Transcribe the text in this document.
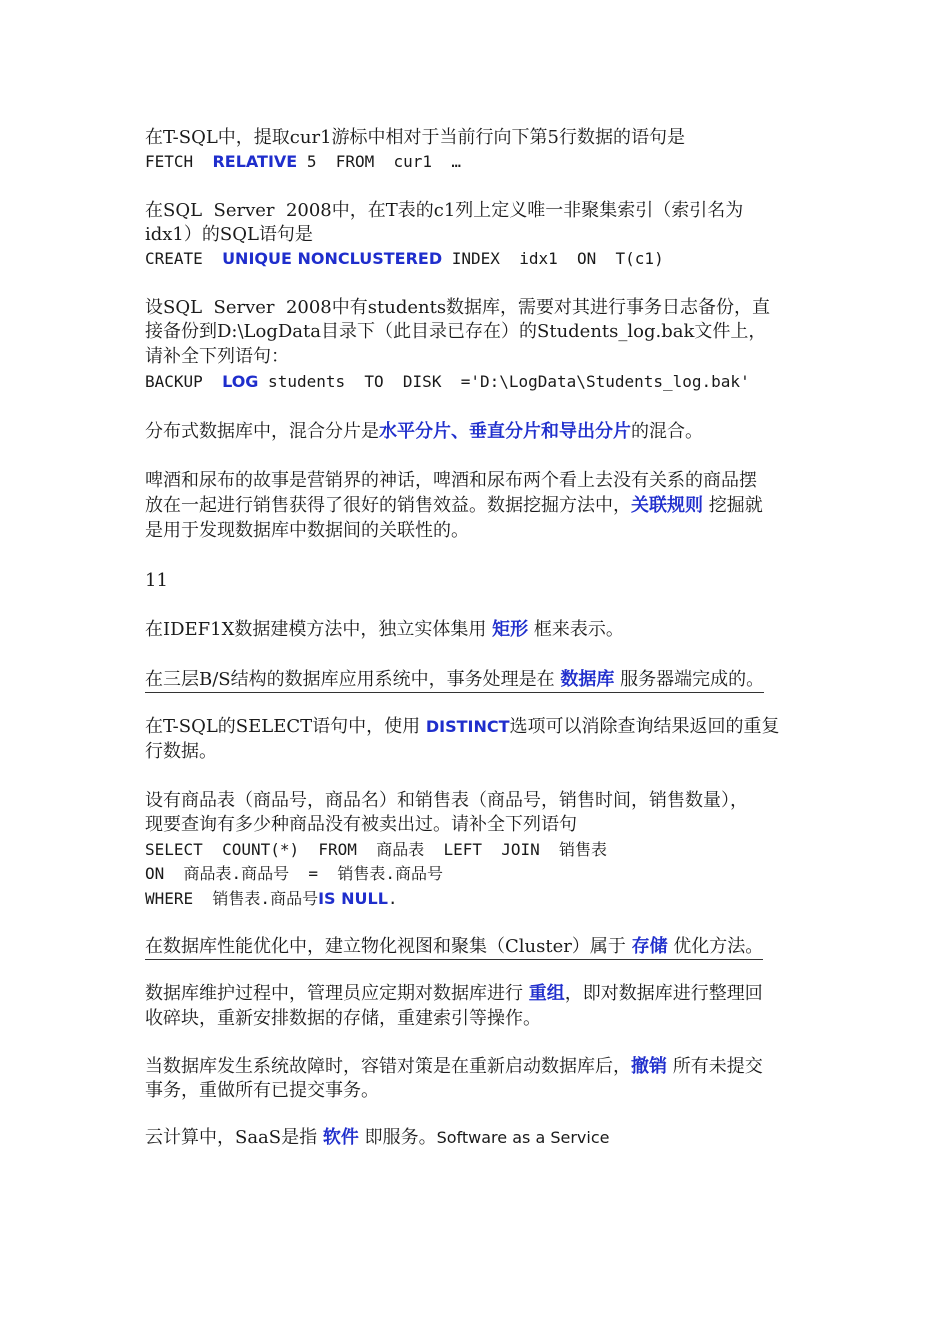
在T-SQL中，提取cur1游标中相对于当前行向下第5行数据的语句是
FETCH  RELATIVE 5  FROM  cur1  …
在SQL  Server  2008中，在T表的c1列上定义唯一非聚集索引（索引名为
idx1）的SQL语句是
CREATE  UNIQUE NONCLUSTERED INDEX  idx1  ON  T(c1)
设SQL  Server  2008中有students数据库，需要对其进行事务日志备份，直
接备份到D:\LogData目录下（此目录已存在）的Students_log.bak文件上，
请补全下列语句：
BACKUP  LOG students  TO  DISK  ='D:\LogData\Students_log.bak'
分布式数据库中，混合分片是水平分片、垂直分片和导出分片的混合。
啤酒和尿布的故事是营销界的神话，啤酒和尿布两个看上去没有关系的商品摆
放在一起进行销售获得了很好的销售效益。数据挖掘方法中，关联规则 挖掘就
是用于发现数据库中数据间的关联性的。
11
在IDEF1X数据建模方法中，独立实体集用 矩形 框来表示。
在三层B/S结构的数据库应用系统中，事务处理是在 数据库 服务器端完成的。
在T-SQL的SELECT语句中，使用 DISTINCT选项可以消除查询结果返回的重复
行数据。
设有商品表（商品号，商品名）和销售表（商品号，销售时间，销售数量），
现要查询有多少种商品没有被卖出过。请补全下列语句
SELECT  COUNT(*)  FROM  商品表  LEFT  JOIN  销售表
ON  商品表.商品号  =  销售表.商品号
WHERE  销售表.商品号IS NULL.
在数据库性能优化中，建立物化视图和聚集（Cluster）属于 存储 优化方法。
数据库维护过程中，管理员应定期对数据库进行 重组，即对数据库进行整理回
收碎块，重新安排数据的存储，重建索引等操作。
当数据库发生系统故障时，容错对策是在重新启动数据库后，撤销 所有未提交
事务，重做所有已提交事务。
云计算中，SaaS是指 软件 即服务。Software as a Service
